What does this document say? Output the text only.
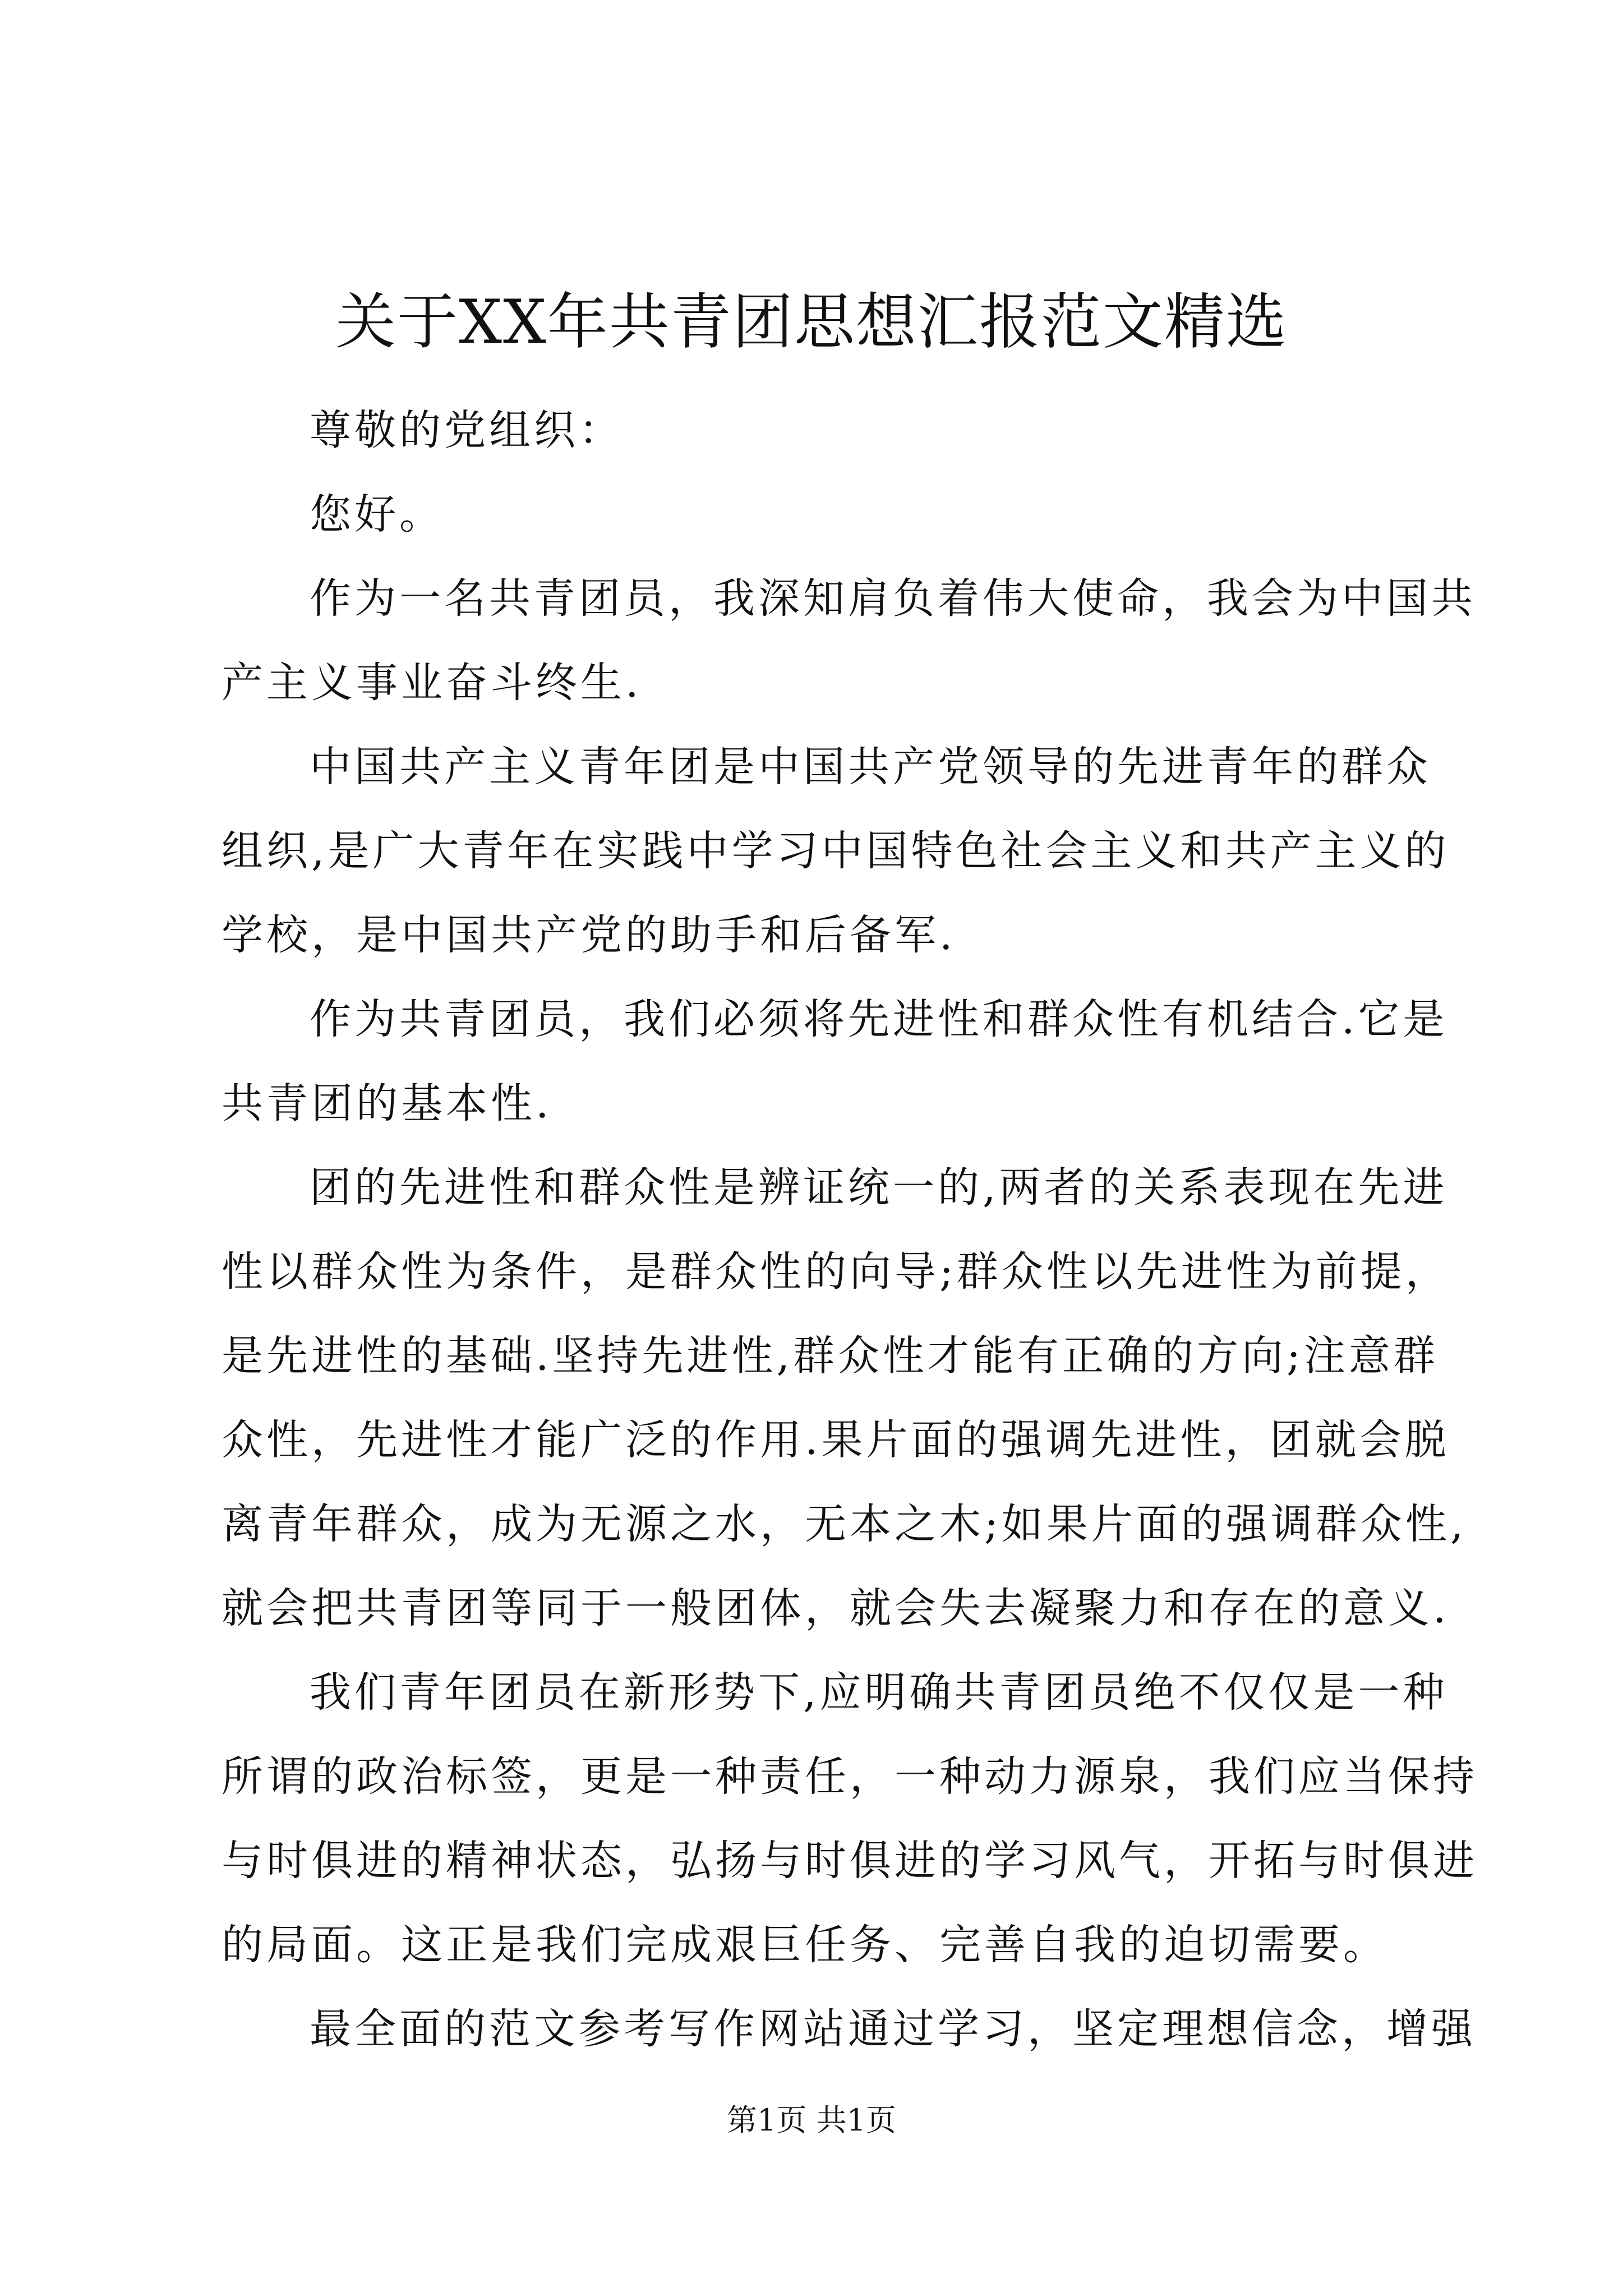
关于XX年共青团思想汇报范文精选

尊敬的党组织：

您好。

作为一名共青团员，我深知肩负着伟大使命，我会为中国共
产主义事业奋斗终生.

中国共产主义青年团是中国共产党领导的先进青年的群众
组织,是广大青年在实践中学习中国特色社会主义和共产主义的
学校，是中国共产党的助手和后备军.

作为共青团员，我们必须将先进性和群众性有机结合.它是
共青团的基本性.

团的先进性和群众性是辨证统一的,两者的关系表现在先进
性以群众性为条件，是群众性的向导;群众性以先进性为前提，
是先进性的基础.坚持先进性,群众性才能有正确的方向;注意群
众性，先进性才能广泛的作用.果片面的强调先进性，团就会脱
离青年群众，成为无源之水，无本之木;如果片面的强调群众性,
就会把共青团等同于一般团体，就会失去凝聚力和存在的意义.

我们青年团员在新形势下,应明确共青团员绝不仅仅是一种
所谓的政治标签，更是一种责任，一种动力源泉，我们应当保持
与时俱进的精神状态，弘扬与时俱进的学习风气，开拓与时俱进
的局面。这正是我们完成艰巨任务、完善自我的迫切需要。

最全面的范文参考写作网站通过学习，坚定理想信念，增强

第1页 共1页
